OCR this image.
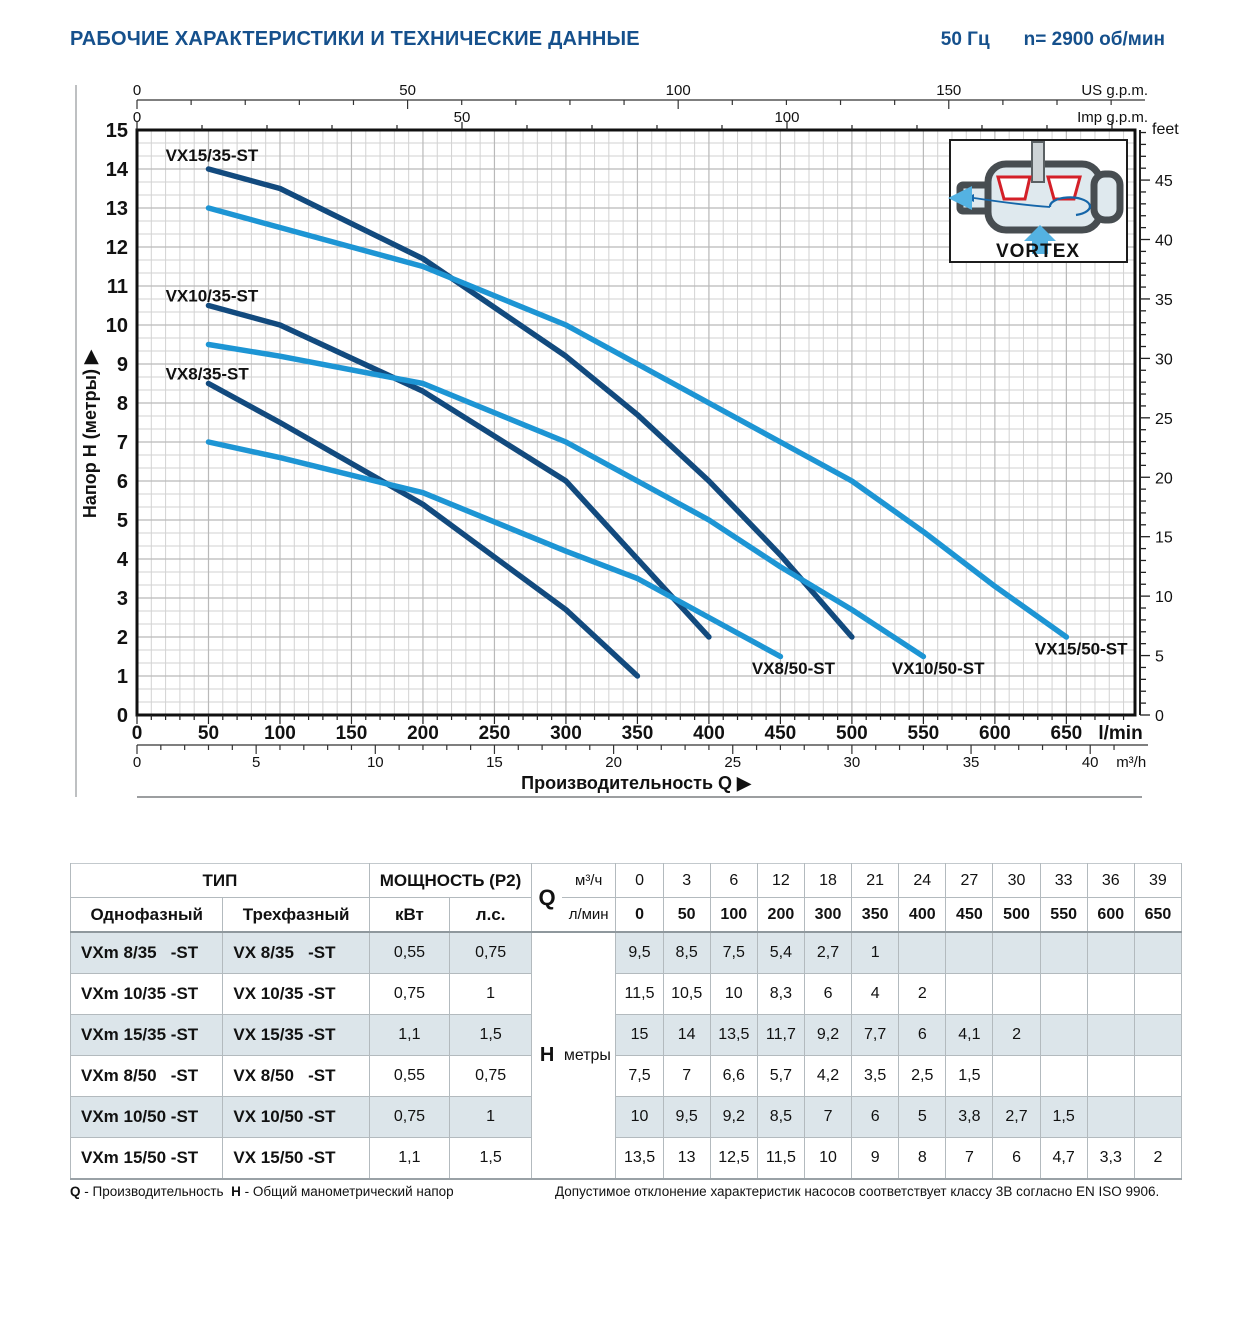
РАБОЧИЕ ХАРАКТЕРИСТИКИ И ТЕХНИЧЕСКИЕ ДАННЫЕ	50 Гц n= 2900 об/мин
VX15/35-ST
VX10/35-ST
VX8/35-ST
VX15/50-ST
VX10/50-ST
VX8/50-ST
0
1
2
3
4
5
6
7
8
9
10
11
12
13
14
15
Напор H (метры) ▶
0	50	100	150	US g.p.m.
0	50	100	Imp g.p.m.
0	50 100 150 200 250 300 350 400 450 500 550 600 650 l/min
0	5	10	15	20	25	30	35	40 m³/h
Производительность Q ▶
0
5
10
15
20
25
30
35
40
45
feet
VORTEX
ТИП		МОЩНОСТЬ (Р2)		Q	м³/ч	0	3	6	12	18	21	24	27	30	33	36	39
Однофазный	Трехфазный	кВт	л.с.		л/мин	0	50	100	200	300	350	400	450	500	550	600	650
VXm 8/35   -ST	VX 8/35   -ST	0,55	0,75	H	метры	9,5	8,5	7,5	5,4	2,7	1						
VXm 10/35 -ST	VX 10/35 -ST	0,75	1			11,5	10,5	10	8,3	6	4	2					
VXm 15/35 -ST	VX 15/35 -ST	1,1	1,5			15	14	13,5	11,7	9,2	7,7	6	4,1	2			
VXm 8/50   -ST	VX 8/50   -ST	0,55	0,75			7,5	7	6,6	5,7	4,2	3,5	2,5	1,5				
VXm 10/50 -ST	VX 10/50 -ST	0,75	1			10	9,5	9,2	8,5	7	6	5	3,8	2,7	1,5		
VXm 15/50 -ST	VX 15/50 -ST	1,1	1,5			13,5	13	12,5	11,5	10	9	8	7	6	4,7	3,3	2
Q - Производительность H - Общий манометрический напор	Допустимое отклонение характеристик насосов соответствует классу 3В согласно EN ISO 9906.
